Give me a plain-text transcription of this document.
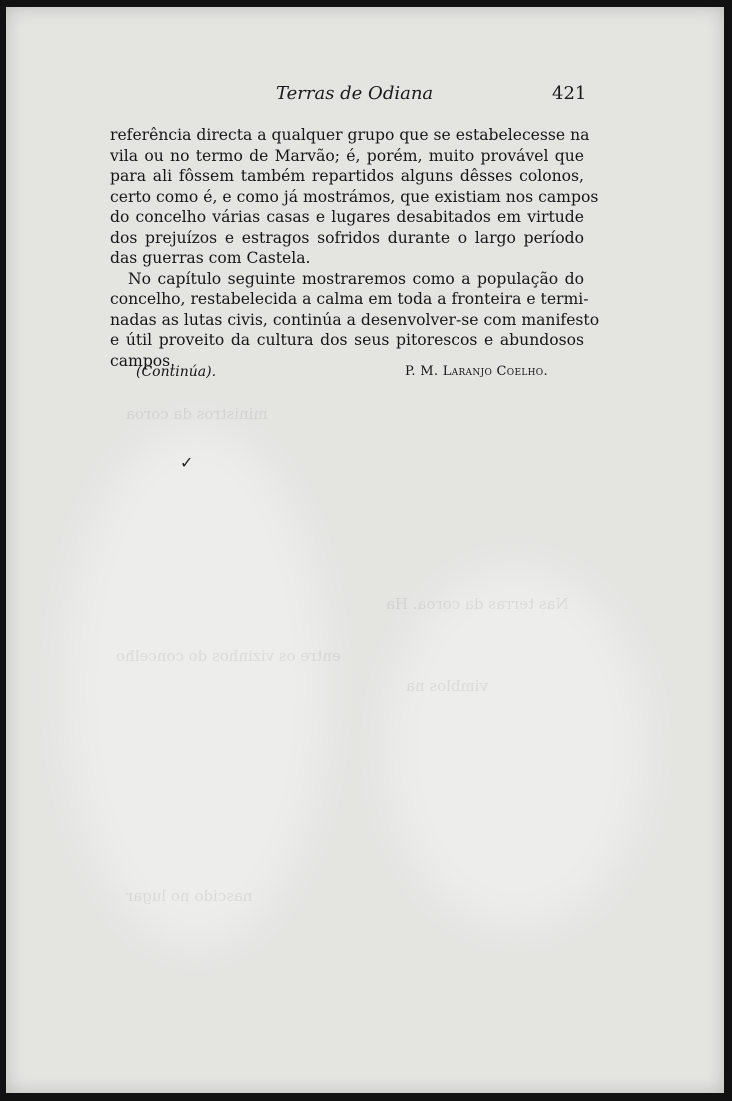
ministros da coroa
Nas terras da coroa. Ha
entre os vizinhos do concelho
vimblos na
nascido no lugar
✓
Terras de Odiana	421

referência directa a qualquer grupo que se estabelecesse na
vila ou no termo de Marvão; é, porém, muito provável que
para ali fôssem também repartidos alguns dêsses colonos,
certo como é, e como já mostrámos, que existiam nos campos
do concelho várias casas e lugares desabitados em virtude
dos prejuízos e estragos sofridos durante o largo período
das guerras com Castela.

No capítulo seguinte mostraremos como a população do
concelho, restabelecida a calma em toda a fronteira e termi-
nadas as lutas civis, continúa a desenvolver-se com manifesto
e útil proveito da cultura dos seus pitorescos e abundosos
campos.

(Continúa).	P. M. Laranjo Coelho.
